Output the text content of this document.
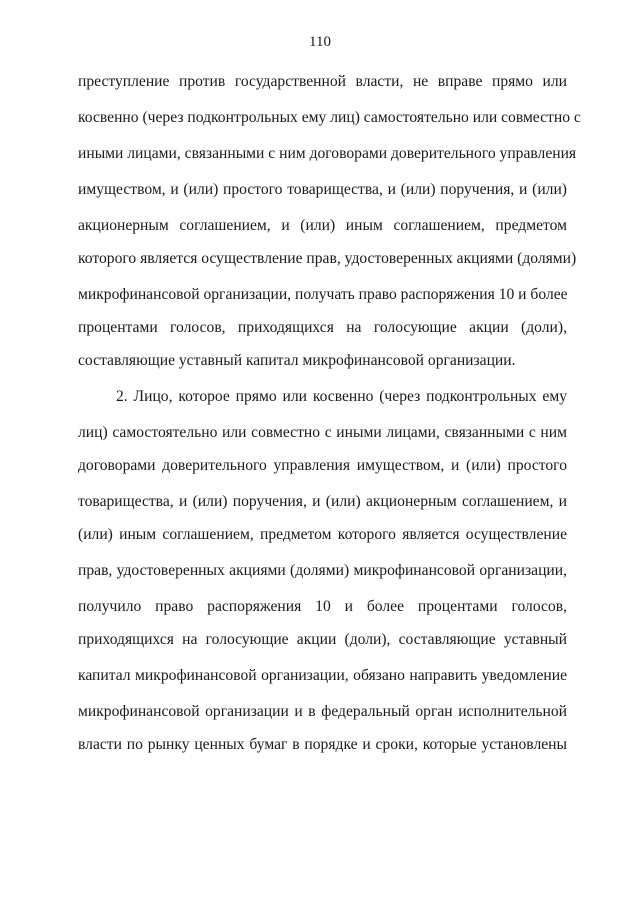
110
преступление против государственной власти, не вправе прямо или
косвенно (через подконтрольных ему лиц) самостоятельно или совместно с
иными лицами, связанными с ним договорами доверительного управления
имуществом, и (или) простого товарищества, и (или) поручения, и (или)
акционерным соглашением, и (или) иным соглашением, предметом
которого является осуществление прав, удостоверенных акциями (долями)
микрофинансовой организации, получать право распоряжения 10 и более
процентами голосов, приходящихся на голосующие акции (доли),
составляющие уставный капитал микрофинансовой организации.
2. Лицо, которое прямо или косвенно (через подконтрольных ему
лиц) самостоятельно или совместно с иными лицами, связанными с ним
договорами доверительного управления имуществом, и (или) простого
товарищества, и (или) поручения, и (или) акционерным соглашением, и
(или) иным соглашением, предметом которого является осуществление
прав, удостоверенных акциями (долями) микрофинансовой организации,
получило право распоряжения 10 и более процентами голосов,
приходящихся на голосующие акции (доли), составляющие уставный
капитал микрофинансовой организации, обязано направить уведомление
микрофинансовой организации и в федеральный орган исполнительной
власти по рынку ценных бумаг в порядке и сроки, которые установлены
